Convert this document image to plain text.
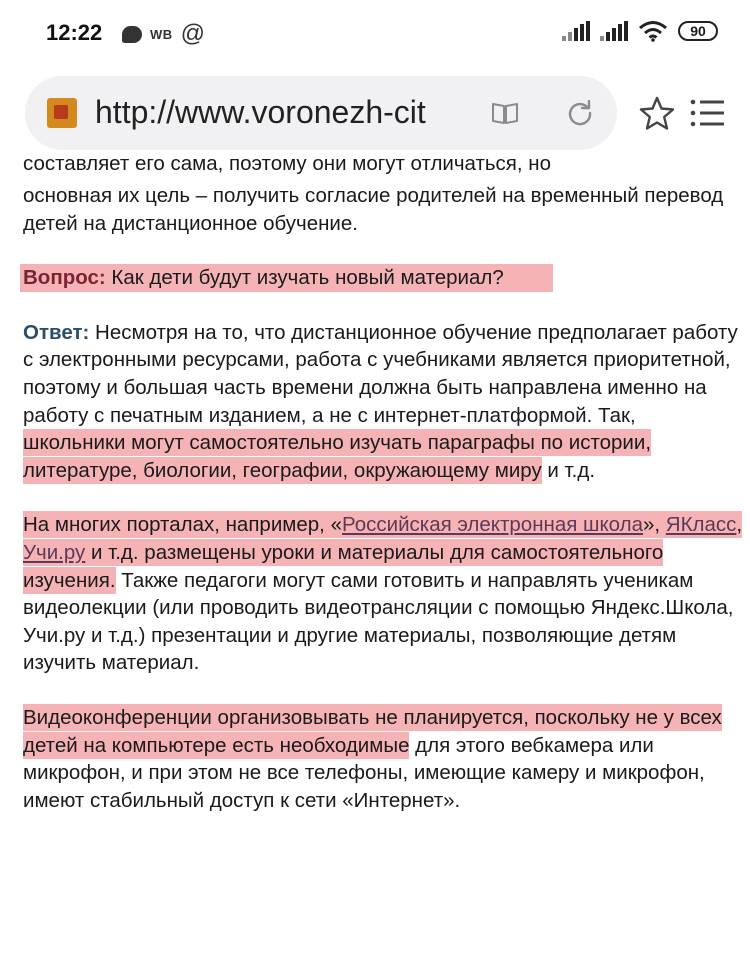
12:22	WB @	90
http://www.voronezh-cit

составляет его сама, поэтому они могут отличаться, но

основная их цель – получить согласие родителей на временный перевод детей на дистанционное обучение.

Вопрос: Как дети будут изучать новый материал?

Ответ: Несмотря на то, что дистанционное обучение предполагает работу с электронными ресурсами, работа с учебниками является приоритетной, поэтому и большая часть времени должна быть направлена именно на работу с печатным изданием, а не с интернет-платформой. Так, школьники могут самостоятельно изучать параграфы по истории, литературе, биологии, географии, окружающему миру и т.д.

На многих порталах, например, «Российская электронная школа», ЯКласс, Учи.ру и т.д. размещены уроки и материалы для самостоятельного изучения. Также педагоги могут сами готовить и направлять ученикам видеолекции (или проводить видеотрансляции с помощью Яндекс.Школа, Учи.ру и т.д.) презентации и другие материалы, позволяющие детям изучить материал.

Видеоконференции организовывать не планируется, поскольку не у всех детей на компьютере есть необходимые для этого вебкамера или микрофон, и при этом не все телефоны, имеющие камеру и микрофон, имеют стабильный доступ к сети «Интернет».
